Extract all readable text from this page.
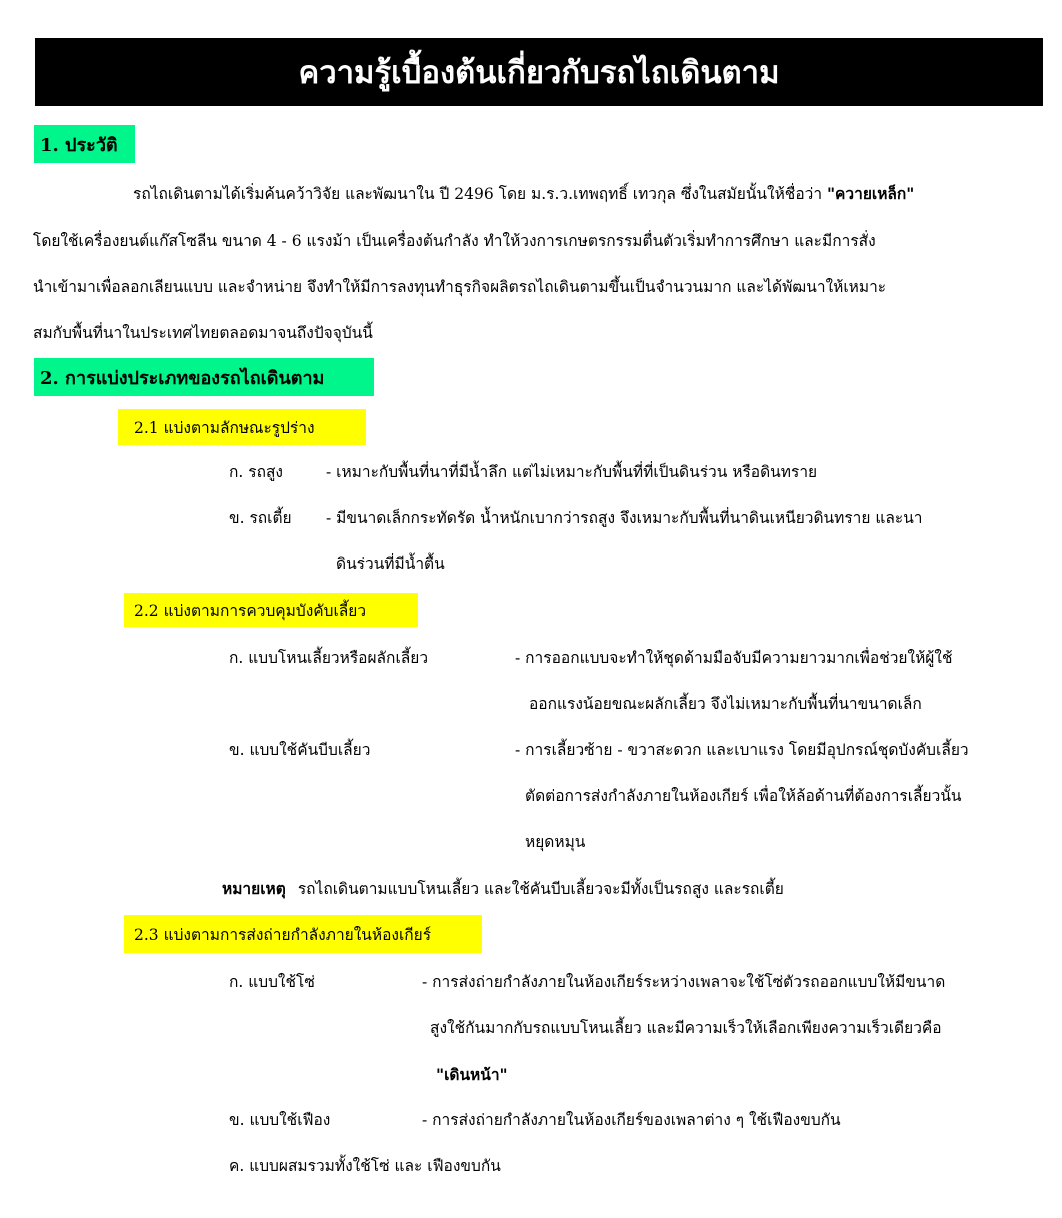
ความรู้เบื้องต้นเกี่ยวกับรถไถเดินตาม
1. ประวัติ
รถไถเดินตามได้เริ่มค้นคว้าวิจัย และพัฒนาใน ปี 2496 โดย ม.ร.ว.เทพฤทธิ์ เทวกุล ซึ่งในสมัยนั้นให้ชื่อว่า "ควายเหล็ก"
โดยใช้เครื่องยนต์แก๊สโซลีน ขนาด 4 - 6 แรงม้า เป็นเครื่องต้นกำลัง ทำให้วงการเกษตรกรรมตื่นตัวเริ่มทำการศึกษา และมีการสั่ง
นำเข้ามาเพื่อลอกเลียนแบบ และจำหน่าย จึงทำให้มีการลงทุนทำธุรกิจผลิตรถไถเดินตามขึ้นเป็นจำนวนมาก และได้พัฒนาให้เหมาะ
สมกับพื้นที่นาในประเทศไทยตลอดมาจนถึงปัจจุบันนี้
2. การแบ่งประเภทของรถไถเดินตาม
2.1 แบ่งตามลักษณะรูปร่าง
ก. รถสูง	- เหมาะกับพื้นที่นาที่มีน้ำลึก แต่ไม่เหมาะกับพื้นที่ที่เป็นดินร่วน หรือดินทราย
ข. รถเตี้ย - มีขนาดเล็กกระทัดรัด น้ำหนักเบากว่ารถสูง จึงเหมาะกับพื้นที่นาดินเหนียวดินทราย และนา
ดินร่วนที่มีน้ำตื้น
2.2 แบ่งตามการควบคุมบังคับเลี้ยว
ก. แบบโหนเลี้ยวหรือผลักเลี้ยว	- การออกแบบจะทำให้ชุดด้ามมือจับมีความยาวมากเพื่อช่วยให้ผู้ใช้
ออกแรงน้อยขณะผลักเลี้ยว จึงไม่เหมาะกับพื้นที่นาขนาดเล็ก
ข. แบบใช้คันบีบเลี้ยว	- การเลี้ยวซ้าย - ขวาสะดวก และเบาแรง โดยมีอุปกรณ์ชุดบังคับเลี้ยว
ตัดต่อการส่งกำลังภายในห้องเกียร์ เพื่อให้ล้อด้านที่ต้องการเลี้ยวนั้น
หยุดหมุน
หมายเหตุ รถไถเดินตามแบบโหนเลี้ยว และใช้คันบีบเลี้ยวจะมีทั้งเป็นรถสูง และรถเตี้ย
2.3 แบ่งตามการส่งถ่ายกำลังภายในห้องเกียร์
ก. แบบใช้โซ่	- การส่งถ่ายกำลังภายในห้องเกียร์ระหว่างเพลาจะใช้โซ่ตัวรถออกแบบให้มีขนาด
สูงใช้กันมากกับรถแบบโหนเลี้ยว และมีความเร็วให้เลือกเพียงความเร็วเดียวคือ
"เดินหน้า"
ข. แบบใช้เฟือง	- การส่งถ่ายกำลังภายในห้องเกียร์ของเพลาต่าง ๆ ใช้เฟืองขบกัน
ค. แบบผสมรวมทั้งใช้โซ่ และ เฟืองขบกัน
